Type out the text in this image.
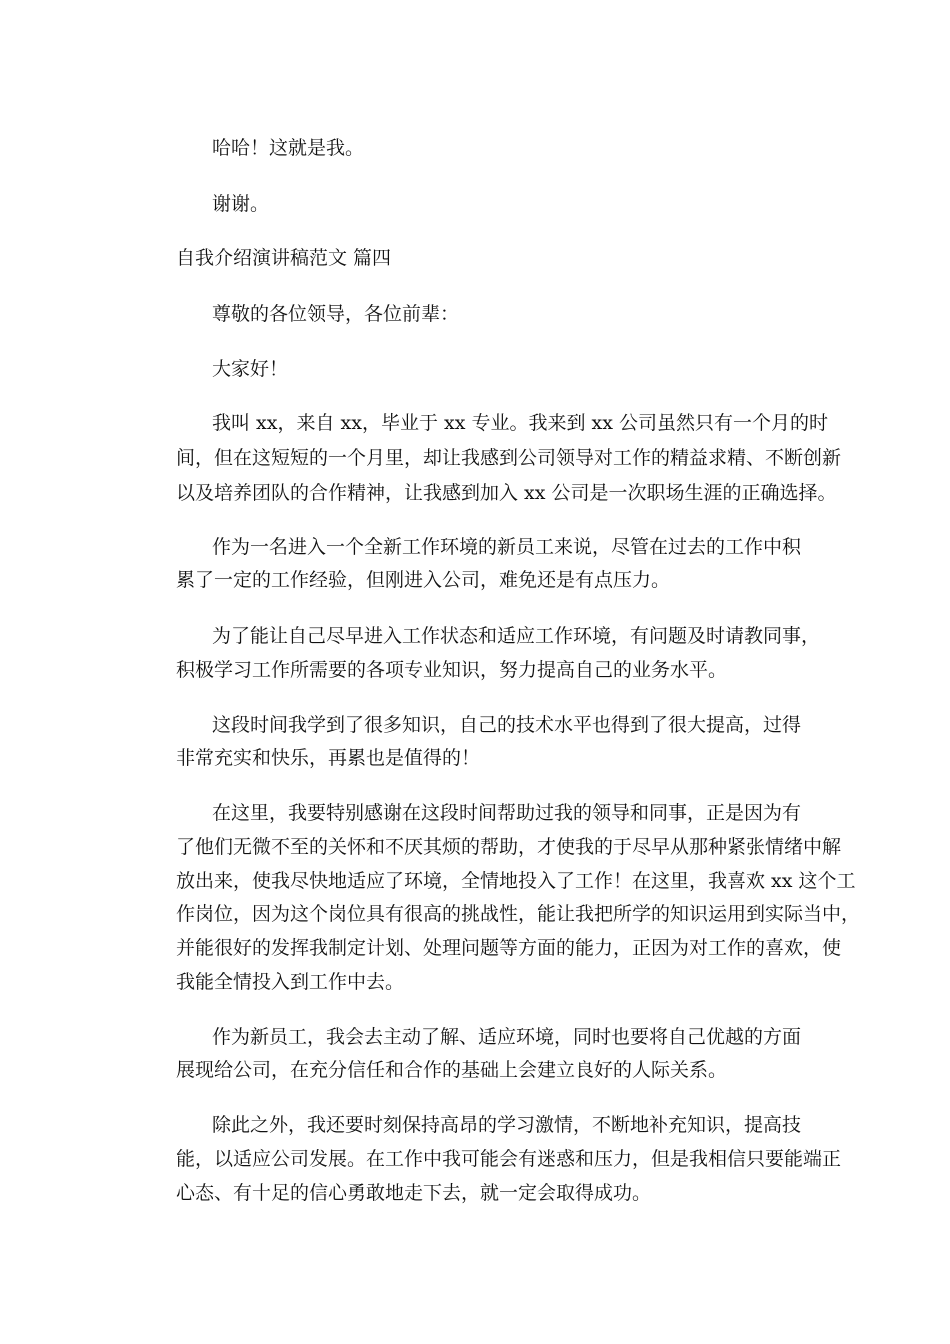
哈哈！这就是我。

谢谢。

自我介绍演讲稿范文 篇四

尊敬的各位领导，各位前辈：

大家好！

我叫 xx，来自 xx，毕业于 xx 专业。我来到 xx 公司虽然只有一个月的时

间，但在这短短的一个月里，却让我感到公司领导对工作的精益求精、不断创新

以及培养团队的合作精神，让我感到加入 xx 公司是一次职场生涯的正确选择。

作为一名进入一个全新工作环境的新员工来说，尽管在过去的工作中积

累了一定的工作经验，但刚进入公司，难免还是有点压力。

为了能让自己尽早进入工作状态和适应工作环境，有问题及时请教同事，

积极学习工作所需要的各项专业知识，努力提高自己的业务水平。

这段时间我学到了很多知识，自己的技术水平也得到了很大提高，过得

非常充实和快乐，再累也是值得的！

在这里，我要特别感谢在这段时间帮助过我的领导和同事，正是因为有

了他们无微不至的关怀和不厌其烦的帮助，才使我的于尽早从那种紧张情绪中解

放出来，使我尽快地适应了环境，全情地投入了工作！在这里，我喜欢 xx 这个工

作岗位，因为这个岗位具有很高的挑战性，能让我把所学的知识运用到实际当中，

并能很好的发挥我制定计划、处理问题等方面的能力，正因为对工作的喜欢，使

我能全情投入到工作中去。

作为新员工，我会去主动了解、适应环境，同时也要将自己优越的方面

展现给公司，在充分信任和合作的基础上会建立良好的人际关系。

除此之外，我还要时刻保持高昂的学习激情，不断地补充知识，提高技

能，以适应公司发展。在工作中我可能会有迷惑和压力，但是我相信只要能端正

心态、有十足的信心勇敢地走下去，就一定会取得成功。
